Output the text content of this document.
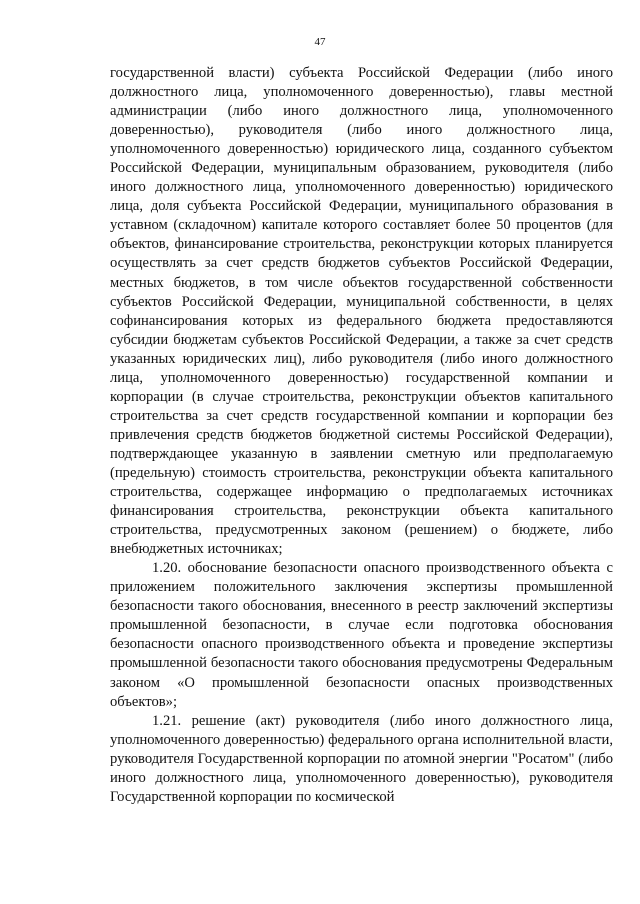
47

государственной власти) субъекта Российской Федерации (либо иного должностного лица, уполномоченного доверенностью), главы местной администрации (либо иного должностного лица, уполномоченного доверенностью), руководителя (либо иного должностного лица, уполномоченного доверенностью) юридического лица, созданного субъектом Российской Федерации, муниципальным образованием, руководителя (либо иного должностного лица, уполномоченного доверенностью) юридического лица, доля субъекта Российской Федерации, муниципального образования в уставном (складочном) капитале которого составляет более 50 процентов (для объектов, финансирование строительства, реконструкции которых планируется осуществлять за счет средств бюджетов субъектов Российской Федерации, местных бюджетов, в том числе объектов государственной собственности субъектов Российской Федерации, муниципальной собственности, в целях софинансирования которых из федерального бюджета предоставляются субсидии бюджетам субъектов Российской Федерации, а также за счет средств указанных юридических лиц), либо руководителя (либо иного должностного лица, уполномоченного доверенностью) государственной компании и корпорации (в случае строительства, реконструкции объектов капитального строительства за счет средств государственной компании и корпорации без привлечения средств бюджетов бюджетной системы Российской Федерации), подтверждающее указанную в заявлении сметную или предполагаемую (предельную) стоимость строительства, реконструкции объекта капитального строительства, содержащее информацию о предполагаемых источниках финансирования строительства, реконструкции объекта капитального строительства, предусмотренных законом (решением) о бюджете, либо внебюджетных источниках;

1.20. обоснование безопасности опасного производственного объекта с приложением положительного заключения экспертизы промышленной безопасности такого обоснования, внесенного в реестр заключений экспертизы промышленной безопасности, в случае если подготовка обоснования безопасности опасного производственного объекта и проведение экспертизы промышленной безопасности такого обоснования предусмотрены Федеральным законом «О промышленной безопасности опасных производственных объектов»;

1.21. решение (акт) руководителя (либо иного должностного лица, уполномоченного доверенностью) федерального органа исполнительной власти, руководителя Государственной корпорации по атомной энергии "Росатом" (либо иного должностного лица, уполномоченного доверенностью), руководителя Государственной корпорации по космической
